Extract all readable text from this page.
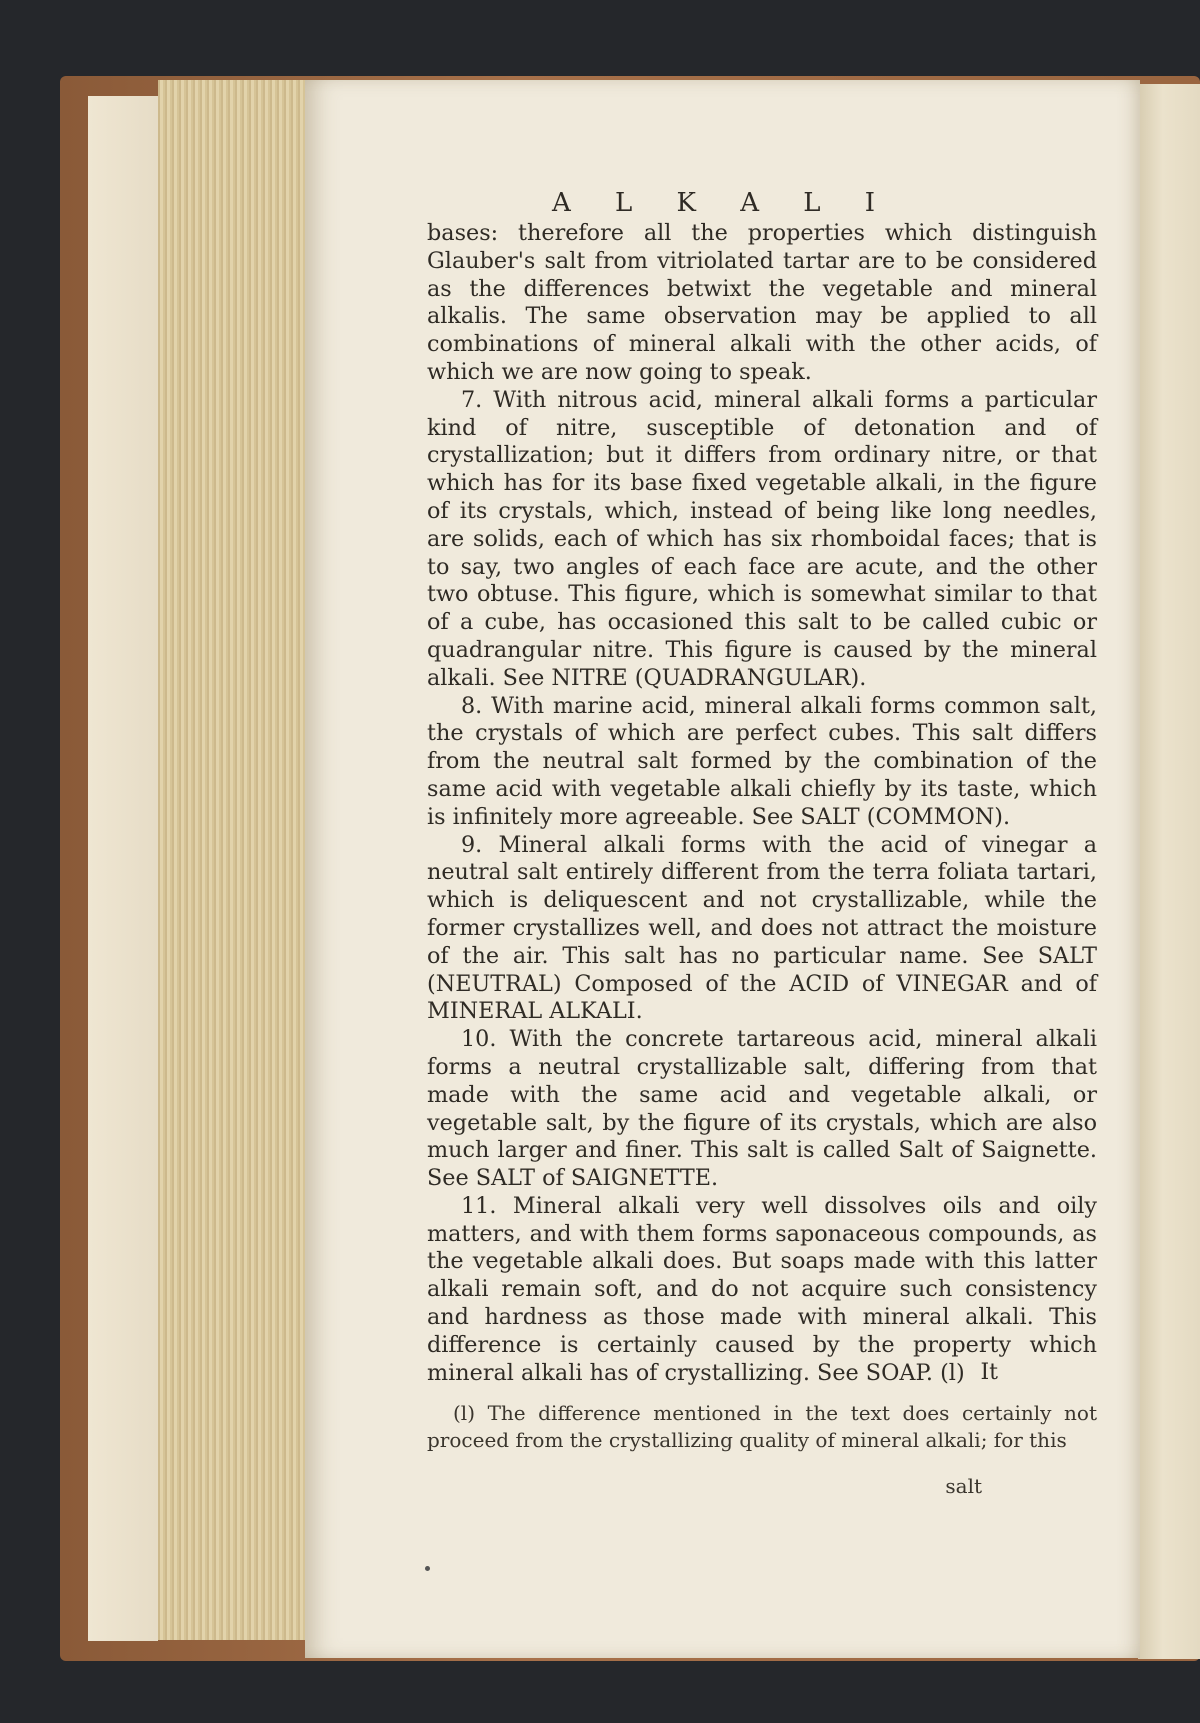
A L K A L I

bases: therefore all the properties which distinguish Glauber's salt from vitriolated tartar are to be considered as the differences betwixt the vegetable and mineral alkalis. The same observation may be applied to all combinations of mineral alkali with the other acids, of which we are now going to speak.

7. With nitrous acid, mineral alkali forms a particular kind of nitre, susceptible of detonation and of crystallization; but it differs from ordinary nitre, or that which has for its base fixed vegetable alkali, in the figure of its crystals, which, instead of being like long needles, are solids, each of which has six rhomboidal faces; that is to say, two angles of each face are acute, and the other two obtuse. This figure, which is somewhat similar to that of a cube, has occasioned this salt to be called cubic or quadrangular nitre. This figure is caused by the mineral alkali. See NITRE (QUADRANGULAR).

8. With marine acid, mineral alkali forms common salt, the crystals of which are perfect cubes. This salt differs from the neutral salt formed by the combination of the same acid with vegetable alkali chiefly by its taste, which is infinitely more agreeable. See SALT (COMMON).

9. Mineral alkali forms with the acid of vinegar a neutral salt entirely different from the terra foliata tartari, which is deliquescent and not crystallizable, while the former crystallizes well, and does not attract the moisture of the air. This salt has no particular name. See SALT (NEUTRAL) Composed of the ACID of VINEGAR and of MINERAL ALKALI.

10. With the concrete tartareous acid, mineral alkali forms a neutral crystallizable salt, differing from that made with the same acid and vegetable alkali, or vegetable salt, by the figure of its crystals, which are also much larger and finer. This salt is called Salt of Saignette. See SALT of SAIGNETTE.

11. Mineral alkali very well dissolves oils and oily matters, and with them forms saponaceous compounds, as the vegetable alkali does. But soaps made with this latter alkali remain soft, and do not acquire such consistency and hardness as those made with mineral alkali. This difference is certainly caused by the property which mineral alkali has of crystallizing. See SOAP. (l) It

(l) The difference mentioned in the text does certainly not proceed from the crystallizing quality of mineral alkali; for this

salt
